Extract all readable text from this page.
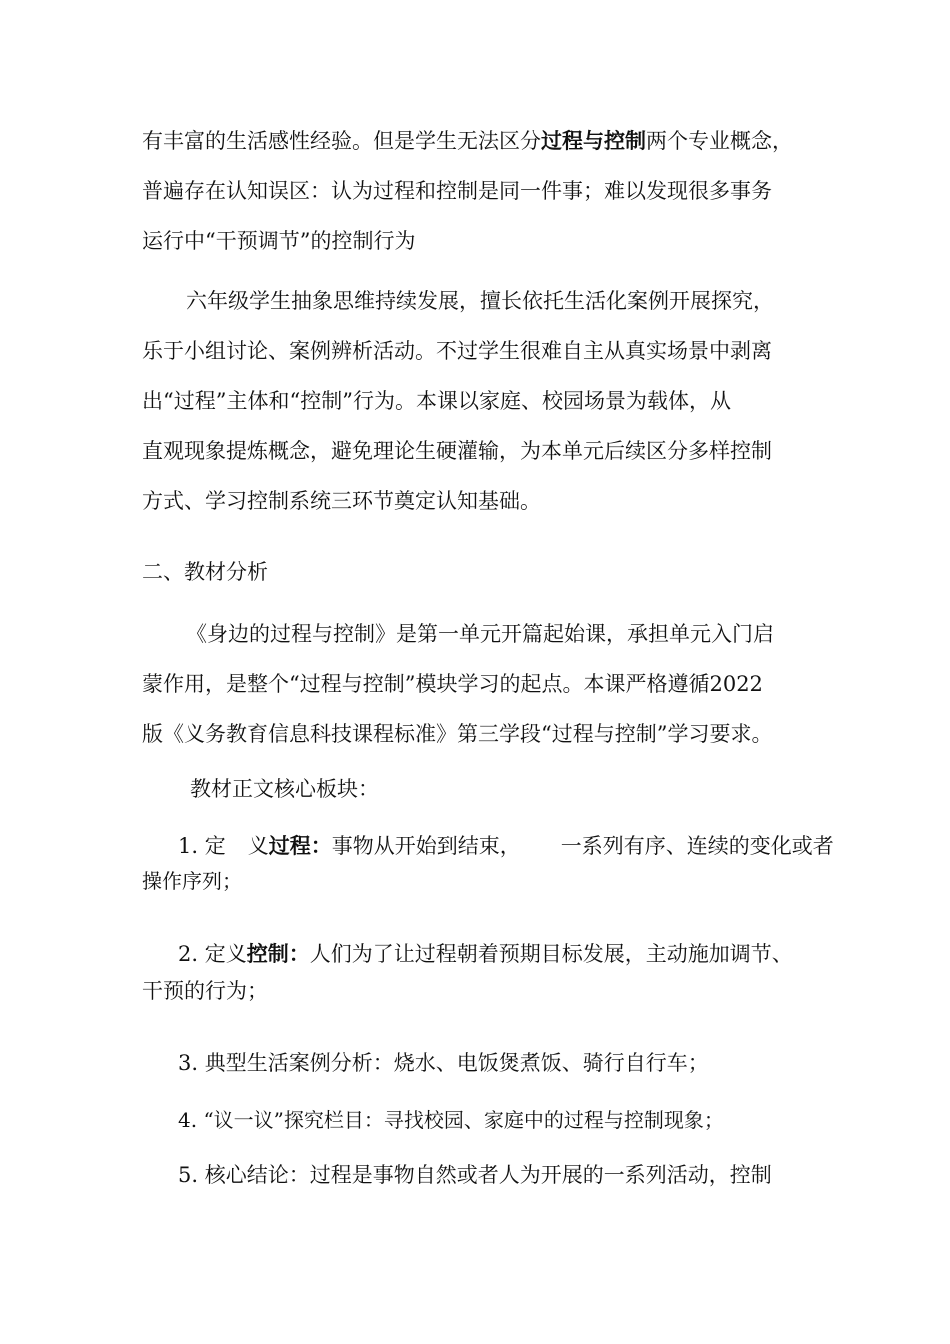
有丰富的生活感性经验。但是学生无法区分过程与控制两个专业概念，
普遍存在认知误区：认为过程和控制是同一件事；难以发现很多事务
运行中“干预调节”的控制行为
六年级学生抽象思维持续发展，擅长依托生活化案例开展探究，
乐于小组讨论、案例辨析活动。不过学生很难自主从真实场景中剥离
出“过程”主体和“控制”行为。本课以家庭、校园场景为载体，从
直观现象提炼概念，避免理论生硬灌输，为本单元后续区分多样控制
方式、学习控制系统三环节奠定认知基础。
二、教材分析
《身边的过程与控制》是第一单元开篇起始课，承担单元入门启
蒙作用，是整个“过程与控制”模块学习的起点。本课严格遵循2022
版《义务教育信息科技课程标准》第三学段“过程与控制”学习要求。
教材正文核心板块：
1. 定 义过程：事物从开始到结束， 一系列有序、连续的变化或者
操作序列；
2. 定义控制：人们为了让过程朝着预期目标发展，主动施加调节、
干预的行为；
3. 典型生活案例分析：烧水、电饭煲煮饭、骑行自行车；
4. “议一议”探究栏目：寻找校园、家庭中的过程与控制现象；
5. 核心结论：过程是事物自然或者人为开展的一系列活动，控制
